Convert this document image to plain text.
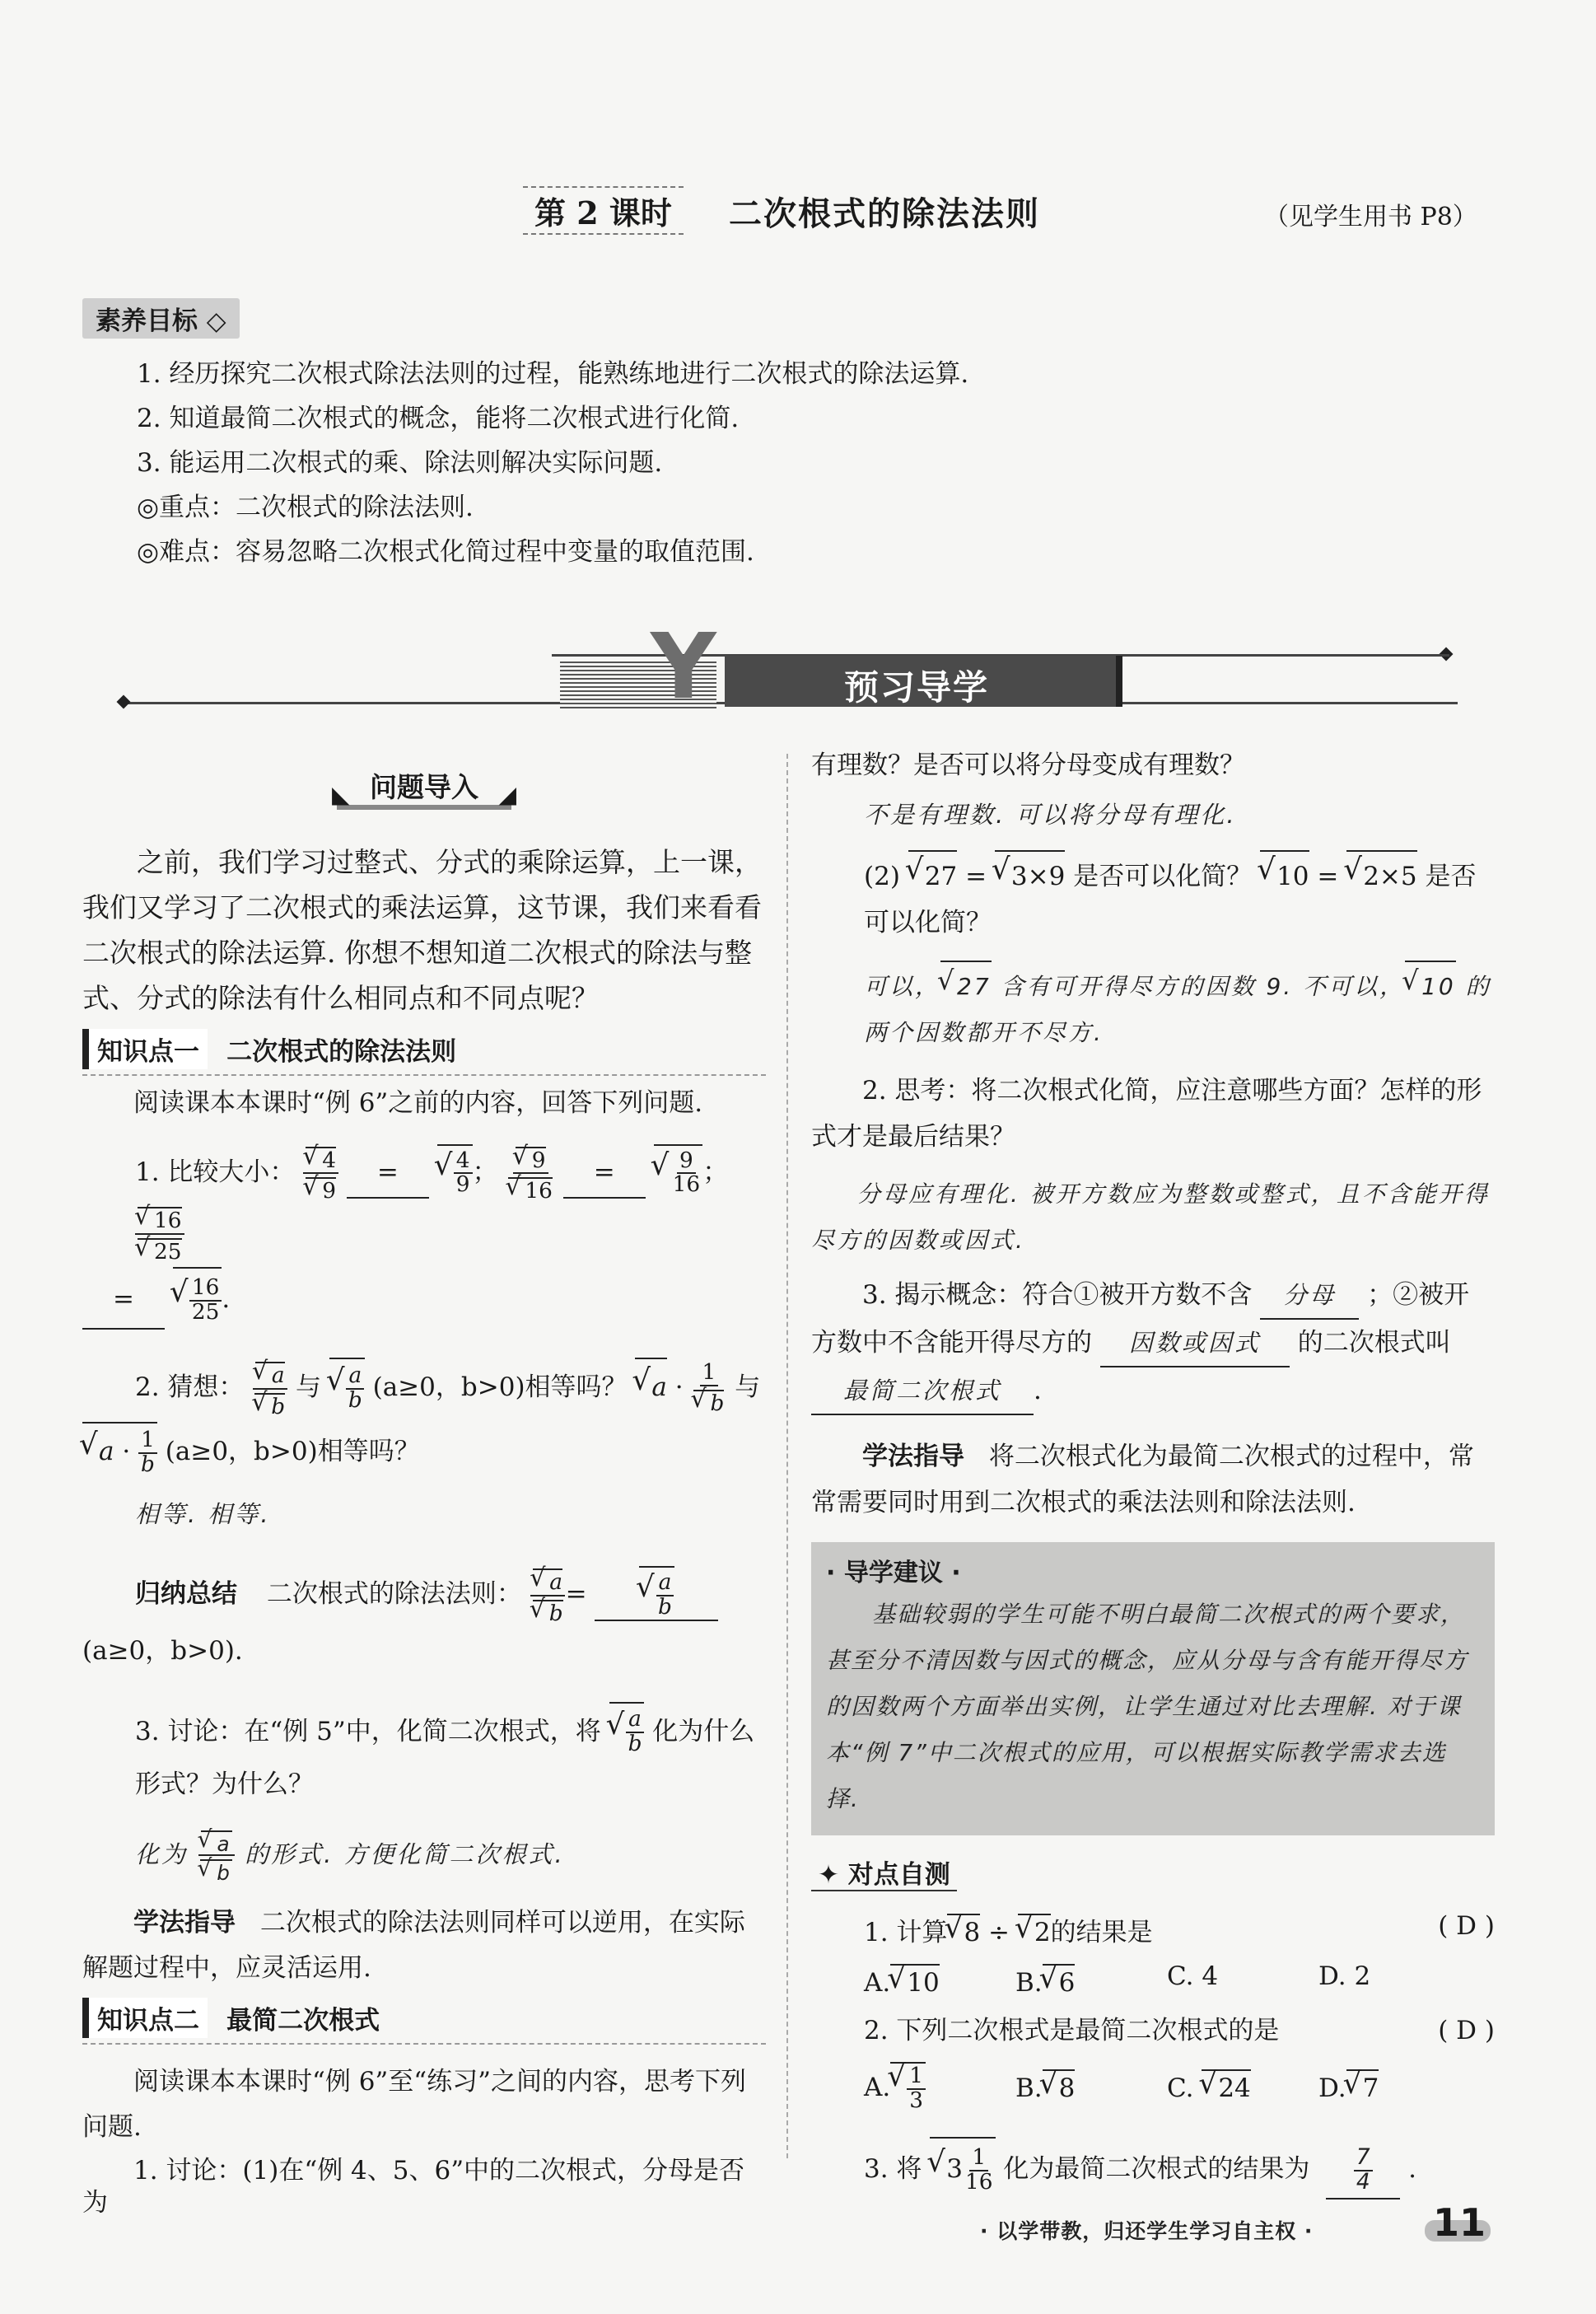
第 2 课时	二次根式的除法法则	（见学生用书 P8）
素养目标 ◇
1. 经历探究二次根式除法法则的过程，能熟练地进行二次根式的除法运算.
2. 知道最简二次根式的概念，能将二次根式进行化简.
3. 能运用二次根式的乘、除法则解决实际问题.
◎重点：二次根式的除法法则.
◎难点：容易忽略二次根式化简过程中变量的取值范围.
Y	预习导学
◣ 问题导入 ◢

之前，我们学习过整式、分式的乘除运算，上一课，我们又学习了二次根式的乘法运算，这节课，我们来看看二次根式的除法运算. 你想不想知道二次根式的除法与整式、分式的除法有什么相同点和不同点呢？

知识点一 二次根式的除法法则

阅读课本本课时“例 6”之前的内容，回答下列问题.

1. 比较大小： √ 4
√ 9 =	√ $\frac{4}{9}$ ； √ 9
√ 16 =	√ $\frac{9}{16}$ ；
√ 16
√ 25
=	√ $\frac{16}{25}$ .
2. 猜想： √ a
√ b 与 √ $\frac{a}{b} (a\ge 0$，b>0)相等吗？ √ a · 1
√ b 与
√ $a \cdot \frac{1}{b} (a\ge 0$，b>0)相等吗？

相等. 相等.

归纳总结 二次根式的除法法则： √ a
√ b =	√ $\frac{a}{b}$
(a≥0，b>0).
3. 讨论：在“例 5”中，化简二次根式，将 √ $\frac{a}{b}$ 化为什么形式？为什么？
化为 √ a
√ b 的形式. 方便化简二次根式.

学法指导 二次根式的除法法则同样可以逆用，在实际解题过程中，应灵活运用.

知识点二 最简二次根式

阅读课本本课时“例 6”至“练习”之间的内容，思考下列问题.

1. 讨论：(1)在“例 4、5、6”中的二次根式，分母是否为

有理数？是否可以将分母变成有理数？

不是有理数. 可以将分母有理化.

(2) √ 27 = √ 3×9 是否可以化简？ √ 10 = √ 2×5 是否可以化简？
可以， √ 27 含有可开得尽方的因数 9. 不可以， √ 10 的两个因数都开不尽方.

2. 思考：将二次根式化简，应注意哪些方面？怎样的形式才是最后结果？

分母应有理化. 被开方数应为整数或整式，且不含能开得尽方的因数或因式.

3. 揭示概念：符合①被开方数不含 分母 ；②被开方数中不含能开得尽方的 因数或因式 的二次根式叫 最简二次根式 .

学法指导 将二次根式化为最简二次根式的过程中，常常需要同时用到二次根式的乘法法则和除法法则.

· 导学建议 ·

基础较弱的学生可能不明白最简二次根式的两个要求，甚至分不清因数与因式的概念，应从分母与含有能开得尽方的因数两个方面举出实例，让学生通过对比去理解. 对于课本“例 7”中二次根式的应用，可以根据实际教学需求去选择.

✦ 对点自测
1. 计算 √ 8 ÷ √ 2的结果是	( D )
A. √ 10	B. √ 6	C. 4	D. 2
2. 下列二次根式是最简二次根式的是	( D )
A. √ $\frac{1}{3}$	B. √ 8	C. √ 24	D. √ 7
3. 将 √ $3 \frac{1}{16}$ 化为最简二次根式的结果为 $\frac{7}{4}$ .
· 以学带教，归还学生学习自主权 ·	11
